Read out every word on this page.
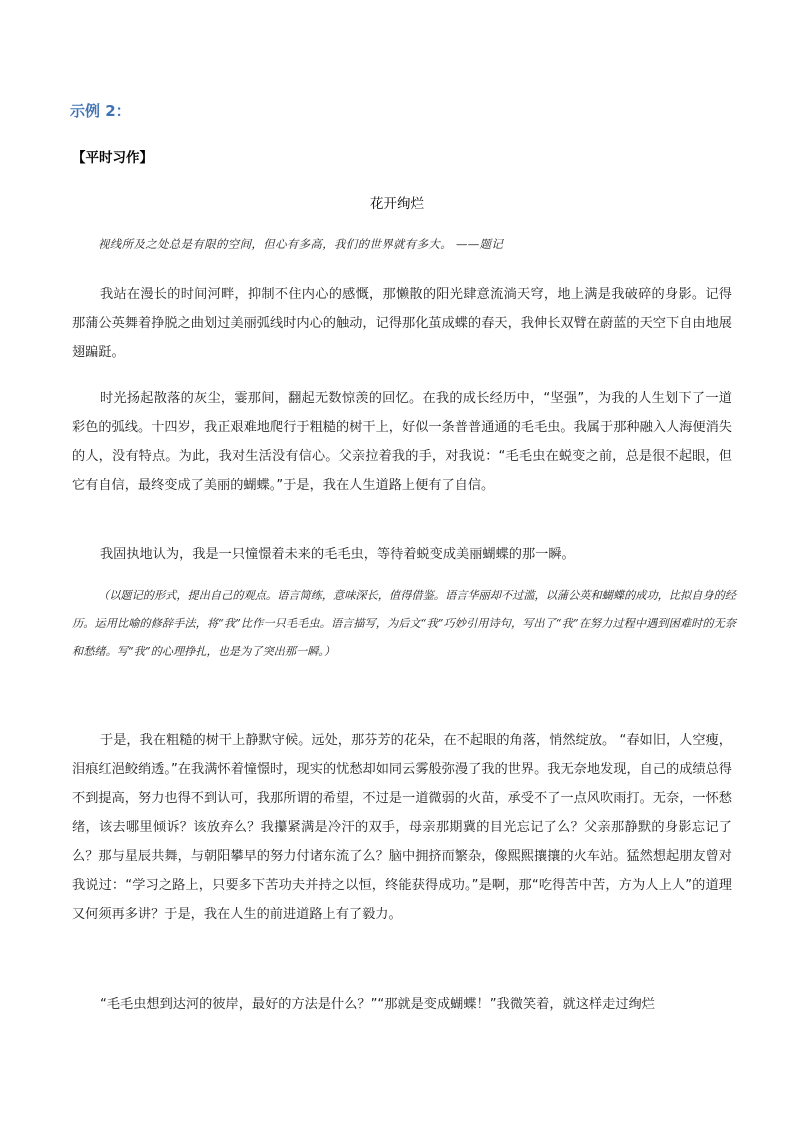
示例 2：
【平时习作】
花开绚烂
视线所及之处总是有限的空间，但心有多高，我们的世界就有多大。 ——题记

我站在漫长的时间河畔，抑制不住内心的感慨，那懒散的阳光肆意流淌天穹，地上满是我破碎的身影。记得那蒲公英舞着挣脱之曲划过美丽弧线时内心的触动，记得那化茧成蝶的春天，我伸长双臂在蔚蓝的天空下自由地展翅蹁跹。

时光扬起散落的灰尘，霎那间，翻起无数惊羡的回忆。在我的成长经历中，“坚强”，为我的人生划下了一道彩色的弧线。十四岁，我正艰难地爬行于粗糙的树干上，好似一条普普通通的毛毛虫。我属于那种融入人海便消失的人，没有特点。为此，我对生活没有信心。父亲拉着我的手，对我说：“毛毛虫在蜕变之前，总是很不起眼，但它有自信，最终变成了美丽的蝴蝶。”于是，我在人生道路上便有了自信。

我固执地认为，我是一只憧憬着未来的毛毛虫，等待着蜕变成美丽蝴蝶的那一瞬。

（以题记的形式，提出自己的观点。语言简练，意味深长，值得借鉴。语言华丽却不过滥，以蒲公英和蝴蝶的成功，比拟自身的经历。运用比喻的修辞手法，将“我”比作一只毛毛虫。语言描写，为后文“我”巧妙引用诗句，写出了“我”在努力过程中遇到困难时的无奈和愁绪。写“我”的心理挣扎，也是为了突出那一瞬。）

于是，我在粗糙的树干上静默守候。远处，那芬芳的花朵，在不起眼的角落，悄然绽放。 “春如旧，人空瘦，泪痕红浥鲛绡透。”在我满怀着憧憬时，现实的忧愁却如同云雾般弥漫了我的世界。我无奈地发现，自己的成绩总得不到提高，努力也得不到认可，我那所谓的希望，不过是一道微弱的火苗，承受不了一点风吹雨打。无奈，一怀愁绪，该去哪里倾诉？该放弃么？我攥紧满是冷汗的双手，母亲那期冀的目光忘记了么？父亲那静默的身影忘记了么？那与星辰共舞，与朝阳攀早的努力付诸东流了么？脑中拥挤而繁杂，像熙熙攘攘的火车站。猛然想起朋友曾对我说过：“学习之路上，只要多下苦功夫并持之以恒，终能获得成功。”是啊，那“吃得苦中苦，方为人上人”的道理又何须再多讲？于是，我在人生的前进道路上有了毅力。

“毛毛虫想到达河的彼岸，最好的方法是什么？”“那就是变成蝴蝶！”我微笑着，就这样走过绚烂
